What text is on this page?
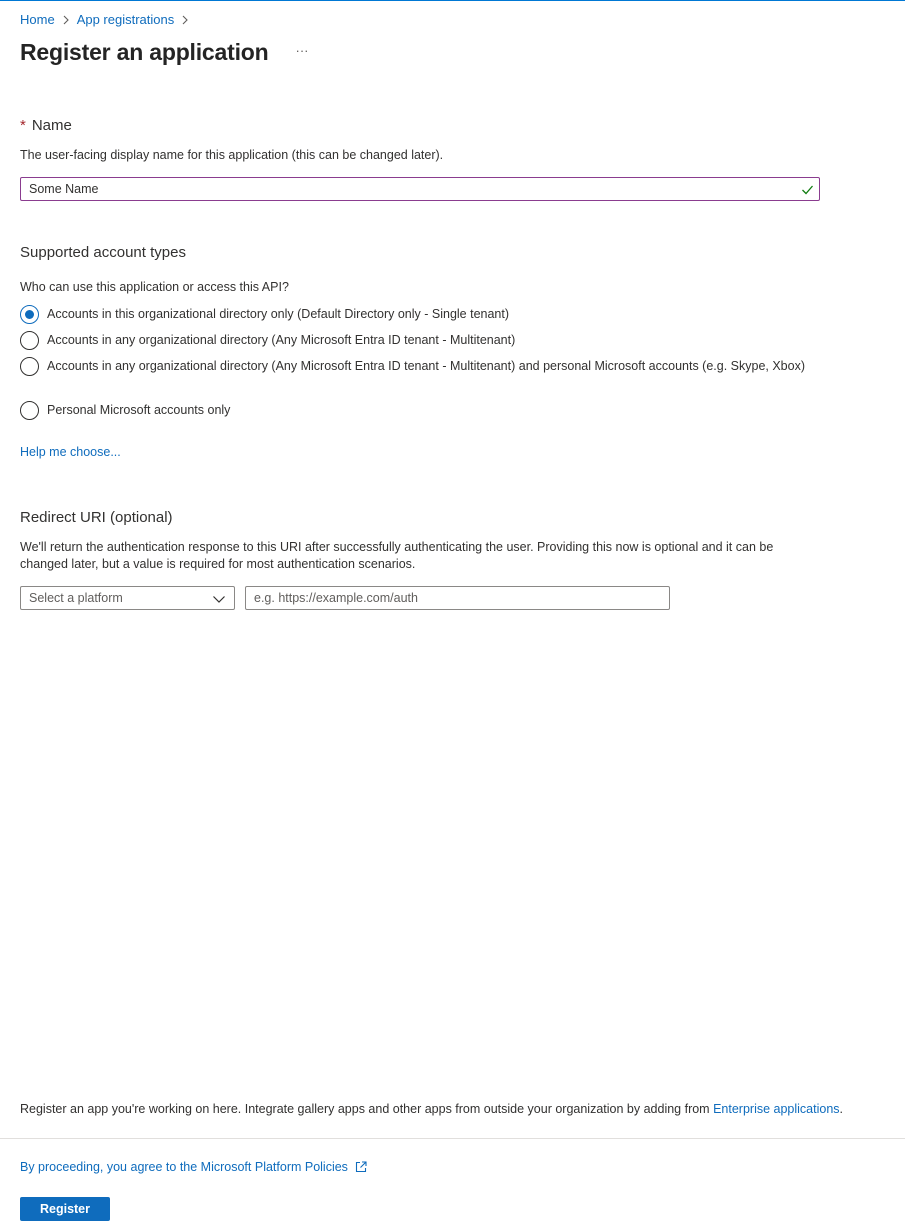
Home App registrations
Register an application ···
* Name
The user-facing display name for this application (this can be changed later).
Some Name
Supported account types
Who can use this application or access this API?
Accounts in this organizational directory only (Default Directory only - Single tenant)
Accounts in any organizational directory (Any Microsoft Entra ID tenant - Multitenant)
Accounts in any organizational directory (Any Microsoft Entra ID tenant - Multitenant) and personal Microsoft accounts (e.g. Skype, Xbox)
Personal Microsoft accounts only
Help me choose...
Redirect URI (optional)
We'll return the authentication response to this URI after successfully authenticating the user. Providing this now is optional and it can be changed later, but a value is required for most authentication scenarios.
Select a platform
e.g. https://example.com/auth
Register an app you're working on here. Integrate gallery apps and other apps from outside your organization by adding from Enterprise applications.
By proceeding, you agree to the Microsoft Platform Policies
Register
